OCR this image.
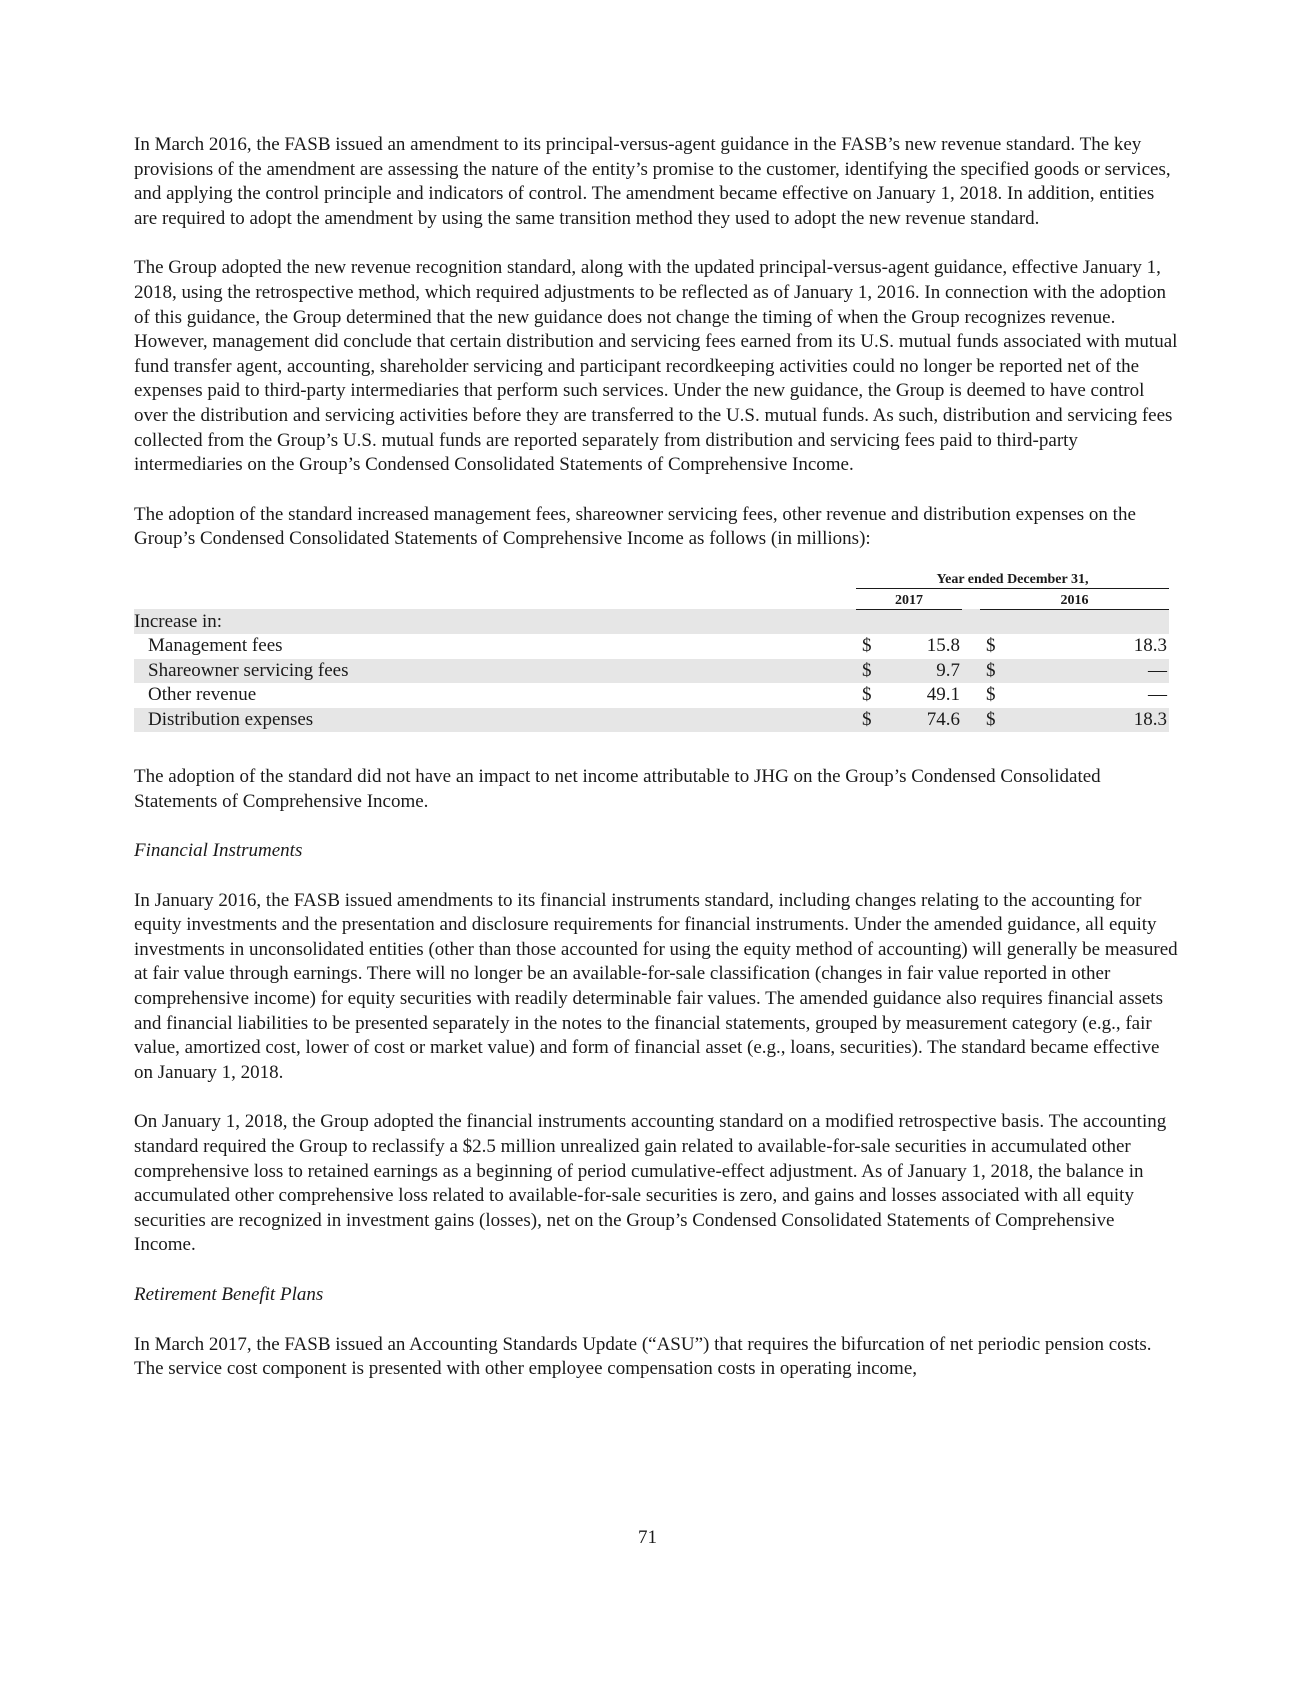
In March 2016, the FASB issued an amendment to its principal-versus-agent guidance in the FASB’s new revenue standard. The key provisions of the amendment are assessing the nature of the entity’s promise to the customer, identifying the specified goods or services, and applying the control principle and indicators of control. The amendment became effective on January 1, 2018. In addition, entities are required to adopt the amendment by using the same transition method they used to adopt the new revenue standard.

The Group adopted the new revenue recognition standard, along with the updated principal-versus-agent guidance, effective January 1, 2018, using the retrospective method, which required adjustments to be reflected as of January 1, 2016. In connection with the adoption of this guidance, the Group determined that the new guidance does not change the timing of when the Group recognizes revenue. However, management did conclude that certain distribution and servicing fees earned from its U.S. mutual funds associated with mutual fund transfer agent, accounting, shareholder servicing and participant recordkeeping activities could no longer be reported net of the expenses paid to third-party intermediaries that perform such services. Under the new guidance, the Group is deemed to have control over the distribution and servicing activities before they are transferred to the U.S. mutual funds. As such, distribution and servicing fees collected from the Group’s U.S. mutual funds are reported separately from distribution and servicing fees paid to third-party intermediaries on the Group’s Condensed Consolidated Statements of Comprehensive Income.

The adoption of the standard increased management fees, shareowner servicing fees, other revenue and distribution expenses on the Group’s Condensed Consolidated Statements of Comprehensive Income as follows (in millions):

	Year ended December 31,					
	2017			2016		
Increase in:						
Management fees	$	15.8		$		18.3
Shareowner servicing fees	$	9.7		$		—
Other revenue	$	49.1		$		—
Distribution expenses	$	74.6		$		18.3

The adoption of the standard did not have an impact to net income attributable to JHG on the Group’s Condensed Consolidated Statements of Comprehensive Income.

Financial Instruments

In January 2016, the FASB issued amendments to its financial instruments standard, including changes relating to the accounting for equity investments and the presentation and disclosure requirements for financial instruments. Under the amended guidance, all equity investments in unconsolidated entities (other than those accounted for using the equity method of accounting) will generally be measured at fair value through earnings. There will no longer be an available-for-sale classification (changes in fair value reported in other comprehensive income) for equity securities with readily determinable fair values. The amended guidance also requires financial assets and financial liabilities to be presented separately in the notes to the financial statements, grouped by measurement category (e.g., fair value, amortized cost, lower of cost or market value) and form of financial asset (e.g., loans, securities). The standard became effective on January 1, 2018.

On January 1, 2018, the Group adopted the financial instruments accounting standard on a modified retrospective basis. The accounting standard required the Group to reclassify a $2.5 million unrealized gain related to available-for-sale securities in accumulated other comprehensive loss to retained earnings as a beginning of period cumulative-effect adjustment. As of January 1, 2018, the balance in accumulated other comprehensive loss related to available-for-sale securities is zero, and gains and losses associated with all equity securities are recognized in investment gains (losses), net on the Group’s Condensed Consolidated Statements of Comprehensive Income.

Retirement Benefit Plans

In March 2017, the FASB issued an Accounting Standards Update (“ASU”) that requires the bifurcation of net periodic pension costs. The service cost component is presented with other employee compensation costs in operating income,

71
